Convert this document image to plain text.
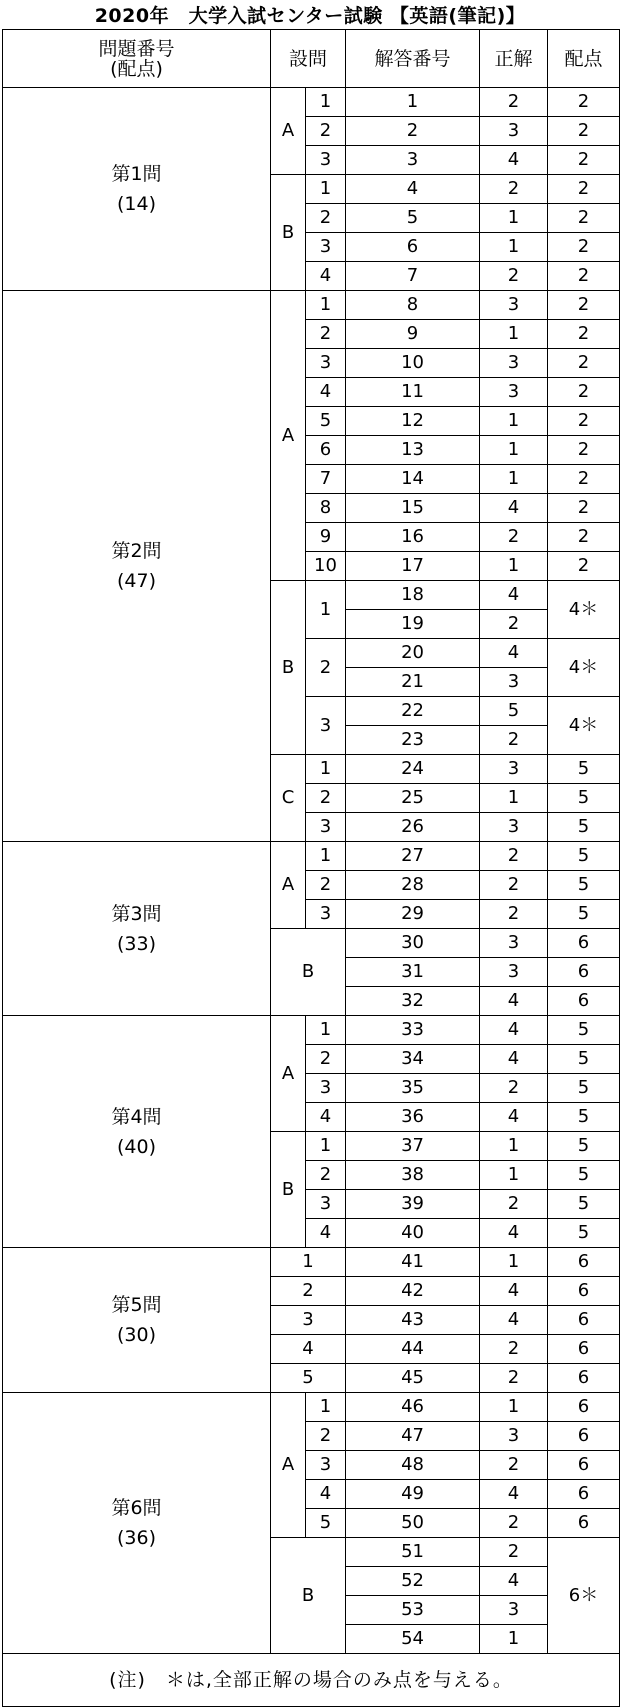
2020年　大学入試センター試験 【英語(筆記)】
問題番号
(配点)	設問		解答番号	正解	配点

第1問
(14)	A	1	1	2	2
		2	2	3	2
		3	3	4	2
	B	1	4	2	2
		2	5	1	2
		3	6	1	2
		4	7	2	2

第2問
(47)	A	1	8	3	2
		2	9	1	2
		3	10	3	2
		4	11	3	2
		5	12	1	2
		6	13	1	2
		7	14	1	2
		8	15	4	2
		9	16	2	2
		10	17	1	2
	B	1	18	4	4＊
			19	2	
		2	20	4	4＊
			21	3	
		3	22	5	4＊
			23	2	
	C	1	24	3	5
		2	25	1	5
		3	26	3	5

第3問
(33)	A	1	27	2	5
		2	28	2	5
		3	29	2	5
	B		30	3	6
			31	3	6
			32	4	6

第4問
(40)	A	1	33	4	5
		2	34	4	5
		3	35	2	5
		4	36	4	5
	B	1	37	1	5
		2	38	1	5
		3	39	2	5
		4	40	4	5

第5問
(30)	1		41	1	6
	2		42	4	6
	3		43	4	6
	4		44	2	6
	5		45	2	6

第6問
(36)	A	1	46	1	6
		2	47	3	6
		3	48	2	6
		4	49	4	6
		5	50	2	6
	B		51	2	6＊
			52	4	
			53	3	
			54	1	
(注)　＊は,全部正解の場合のみ点を与える。					
